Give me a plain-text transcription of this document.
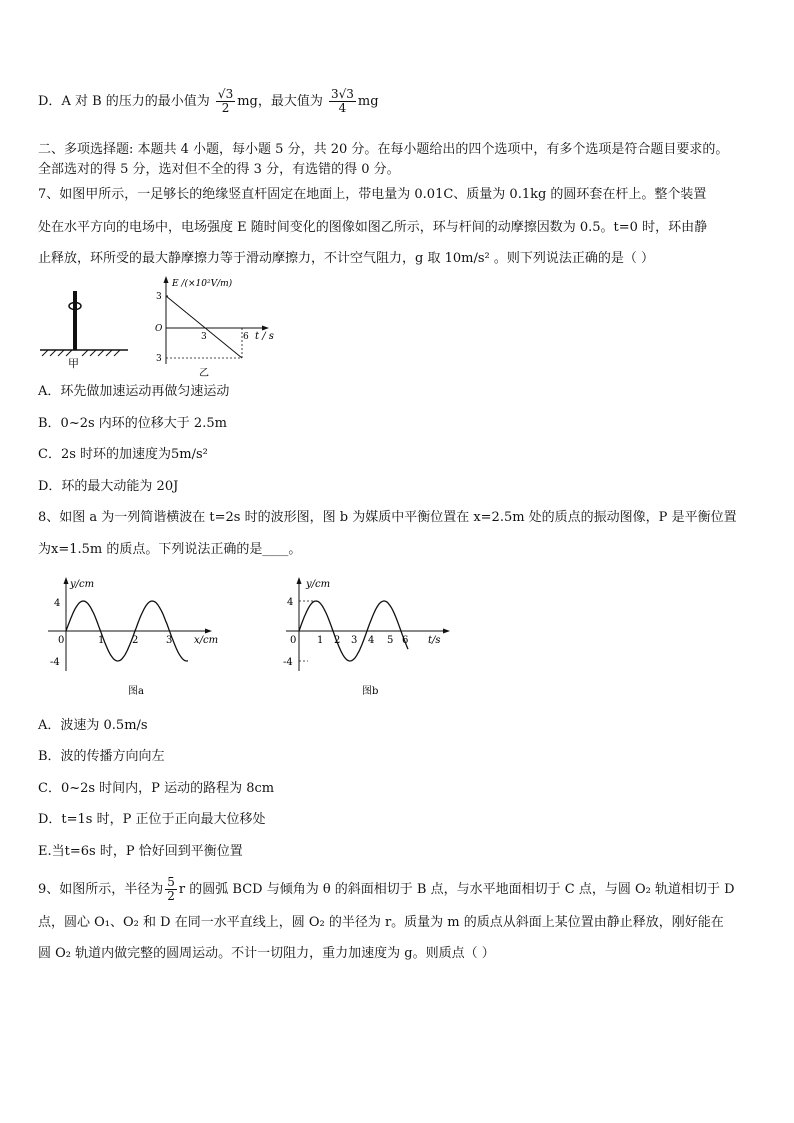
D．A 对 B 的压力的最小值为 $\frac{√3}{2}$ mg，最大值为 $\frac{3√3}{4}$ mg
二、多项选择题: 本题共 4 小题，每小题 5 分，共 20 分。在每小题给出的四个选项中，有多个选项是符合题目要求的。
全部选对的得 5 分，选对但不全的得 3 分，有选错的得 0 分。
7、如图甲所示，一足够长的绝缘竖直杆固定在地面上，带电量为 0.01C、质量为 0.1kg 的圆环套在杆上。整个装置
处在水平方向的电场中，电场强度 E 随时间变化的图像如图乙所示，环与杆间的动摩擦因数为 0.5。t=0 时，环由静
止释放，环所受的最大静摩擦力等于滑动摩擦力，不计空气阻力，g 取 10m/s² 。则下列说法正确的是（ ）
甲
E /(×10²V/m)
3
O
3
3	6 t / s
乙
A．环先做加速运动再做匀速运动
B．0~2s 内环的位移大于 2.5m
C．2s 时环的加速度为5m/s²
D．环的最大动能为 20J
8、如图 a 为一列简谐横波在 t=2s 时的波形图，图 b 为媒质中平衡位置在 x=2.5m 处的质点的振动图像，P 是平衡位置
为x=1.5m 的质点。下列说法正确的是____。
y/cm
4
-4
0	1	2	3 x/cm
图a
y/cm
4
-4
0 1 2 3 4 5 6 t/s
图b
A．波速为 0.5m/s
B．波的传播方向向左
C．0~2s 时间内，P 运动的路程为 8cm
D．t=1s 时，P 正位于正向最大位移处
E.当t=6s 时，P 恰好回到平衡位置
9、如图所示，半径为 $\frac{5}{2}$ r 的圆弧 BCD 与倾角为 θ 的斜面相切于 B 点，与水平地面相切于 C 点，与圆 O₂ 轨道相切于 D
点，圆心 O₁、O₂ 和 D 在同一水平直线上，圆 O₂ 的半径为 r。质量为 m 的质点从斜面上某位置由静止释放，刚好能在
圆 O₂ 轨道内做完整的圆周运动。不计一切阻力，重力加速度为 g。则质点（ ）
